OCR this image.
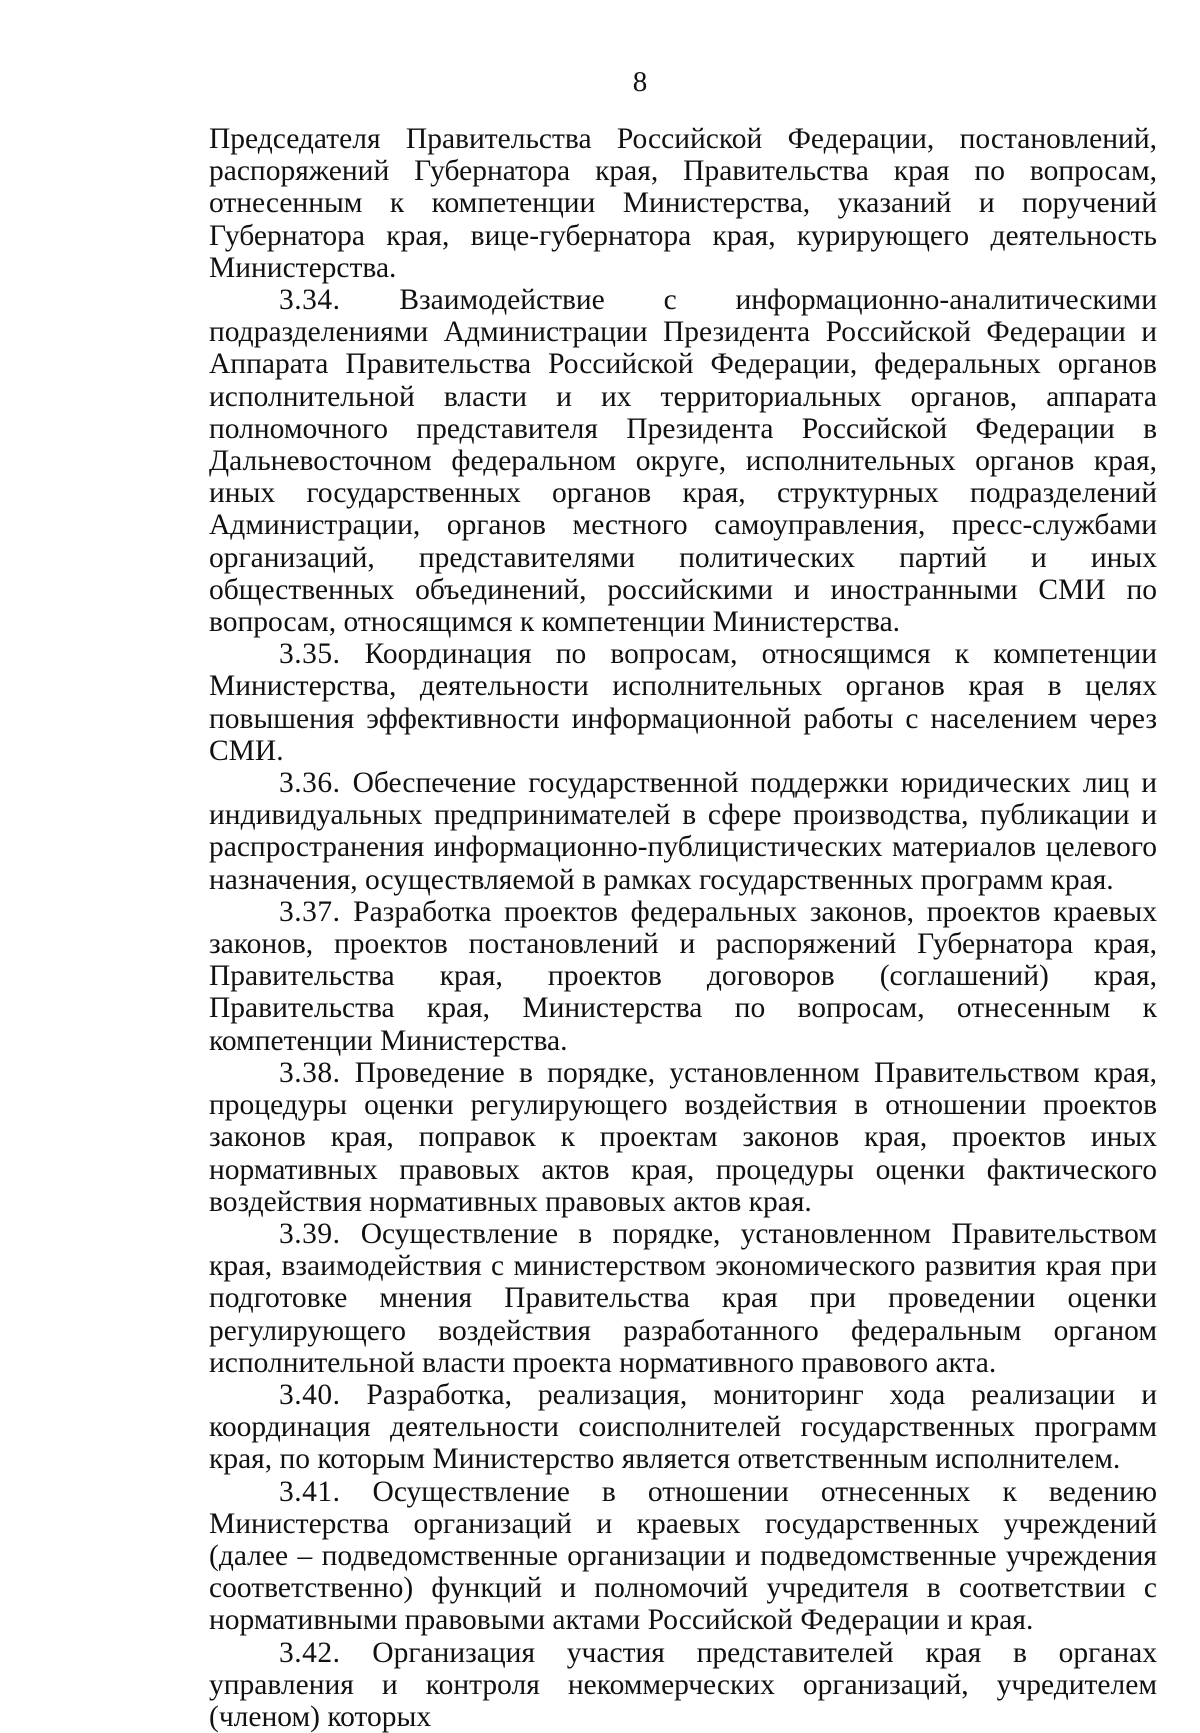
8

Председателя Правительства Российской Федерации, постановлений, распоряжений Губернатора края, Правительства края по вопросам, отнесенным к компетенции Министерства, указаний и поручений Губернатора края, вице-губернатора края, курирующего деятельность Министерства.

3.34. Взаимодействие с информационно-аналитическими подразделениями Администрации Президента Российской Федерации и Аппарата Правительства Российской Федерации, федеральных органов исполнительной власти и их территориальных органов, аппарата полномочного представителя Президента Российской Федерации в Дальневосточном федеральном округе, исполнительных органов края, иных государственных органов края, структурных подразделений Администрации, органов местного самоуправления, пресс-службами организаций, представителями политических партий и иных общественных объединений, российскими и иностранными СМИ по вопросам, относящимся к компетенции Министерства.

3.35. Координация по вопросам, относящимся к компетенции Министерства, деятельности исполнительных органов края в целях повышения эффективности информационной работы с населением через СМИ.

3.36. Обеспечение государственной поддержки юридических лиц и индивидуальных предпринимателей в сфере производства, публикации и распространения информационно-публицистических материалов целевого назначения, осуществляемой в рамках государственных программ края.

3.37. Разработка проектов федеральных законов, проектов краевых законов, проектов постановлений и распоряжений Губернатора края, Правительства края, проектов договоров (соглашений) края, Правительства края, Министерства по вопросам, отнесенным к компетенции Министерства.

3.38. Проведение в порядке, установленном Правительством края, процедуры оценки регулирующего воздействия в отношении проектов законов края, поправок к проектам законов края, проектов иных нормативных правовых актов края, процедуры оценки фактического воздействия нормативных правовых актов края.

3.39. Осуществление в порядке, установленном Правительством края, взаимодействия с министерством экономического развития края при подготовке мнения Правительства края при проведении оценки регулирующего воздействия разработанного федеральным органом исполнительной власти проекта нормативного правового акта.

3.40. Разработка, реализация, мониторинг хода реализации и координация деятельности соисполнителей государственных программ края, по которым Министерство является ответственным исполнителем.

3.41. Осуществление в отношении отнесенных к ведению Министерства организаций и краевых государственных учреждений (далее – подведомственные организации и подведомственные учреждения соответственно) функций и полномочий учредителя в соответствии с нормативными правовыми актами Российской Федерации и края.

3.42. Организация участия представителей края в органах управления и контроля некоммерческих организаций, учредителем (членом) которых
